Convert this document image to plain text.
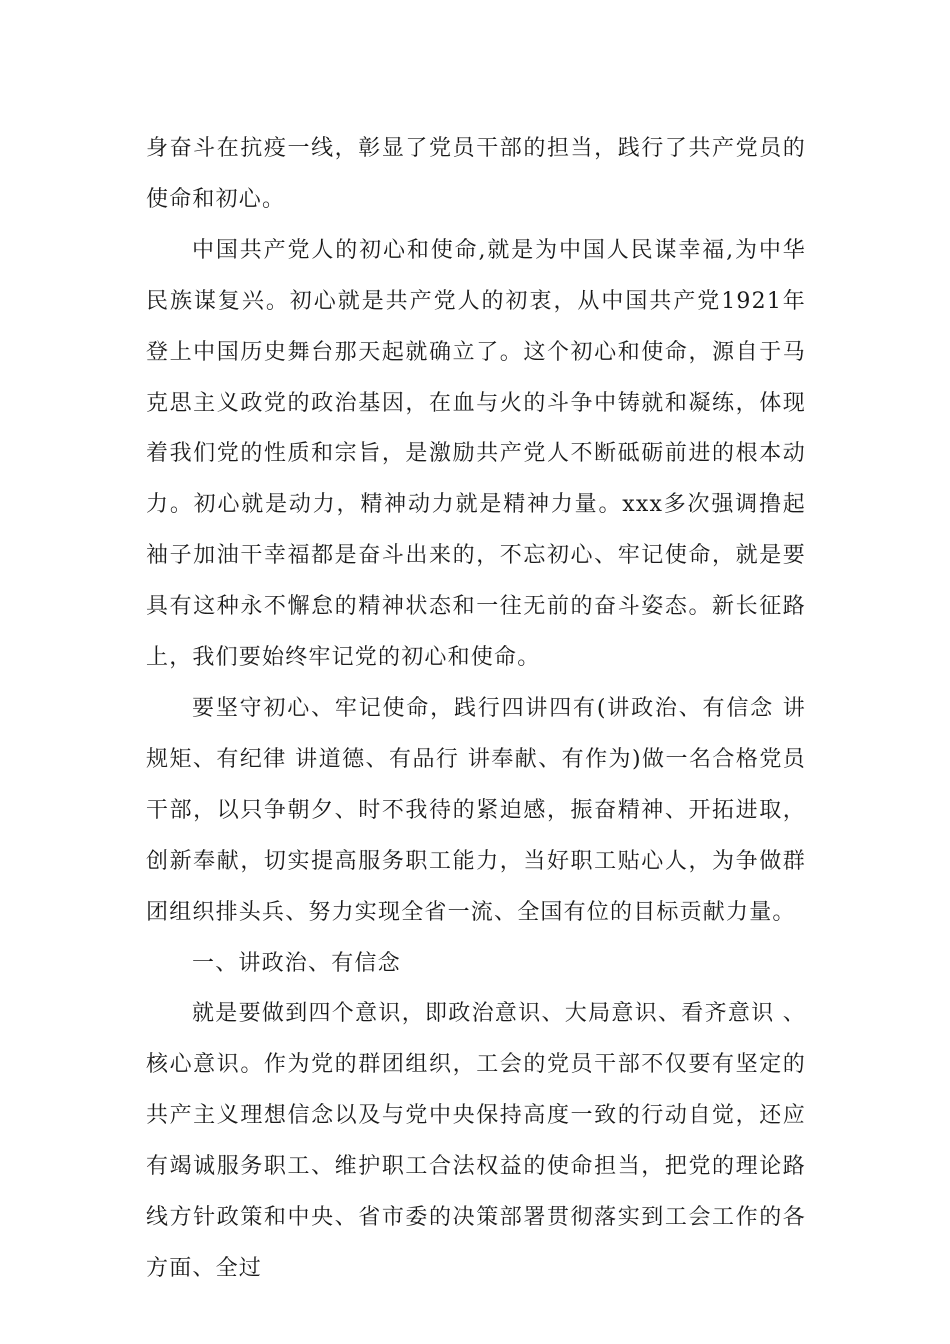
身奋斗在抗疫一线，彰显了党员干部的担当，践行了共产党员的使命和初心。

中国共产党人的初心和使命,就是为中国人民谋幸福,为中华民族谋复兴。初心就是共产党人的初衷，从中国共产党1921年登上中国历史舞台那天起就确立了。这个初心和使命，源自于马克思主义政党的政治基因，在血与火的斗争中铸就和凝练，体现着我们党的性质和宗旨，是激励共产党人不断砥砺前进的根本动力。初心就是动力，精神动力就是精神力量。xxx多次强调撸起袖子加油干幸福都是奋斗出来的，不忘初心、牢记使命，就是要具有这种永不懈怠的精神状态和一往无前的奋斗姿态。新长征路上，我们要始终牢记党的初心和使命。

要坚守初心、牢记使命，践行四讲四有(讲政治、有信念 讲规矩、有纪律 讲道德、有品行 讲奉献、有作为)做一名合格党员干部，以只争朝夕、时不我待的紧迫感，振奋精神、开拓进取，创新奉献，切实提高服务职工能力，当好职工贴心人，为争做群团组织排头兵、努力实现全省一流、全国有位的目标贡献力量。

一、讲政治、有信念

就是要做到四个意识，即政治意识、大局意识、看齐意识 、核心意识。作为党的群团组织，工会的党员干部不仅要有坚定的共产主义理想信念以及与党中央保持高度一致的行动自觉，还应有竭诚服务职工、维护职工合法权益的使命担当，把党的理论路线方针政策和中央、省市委的决策部署贯彻落实到工会工作的各方面、全过
